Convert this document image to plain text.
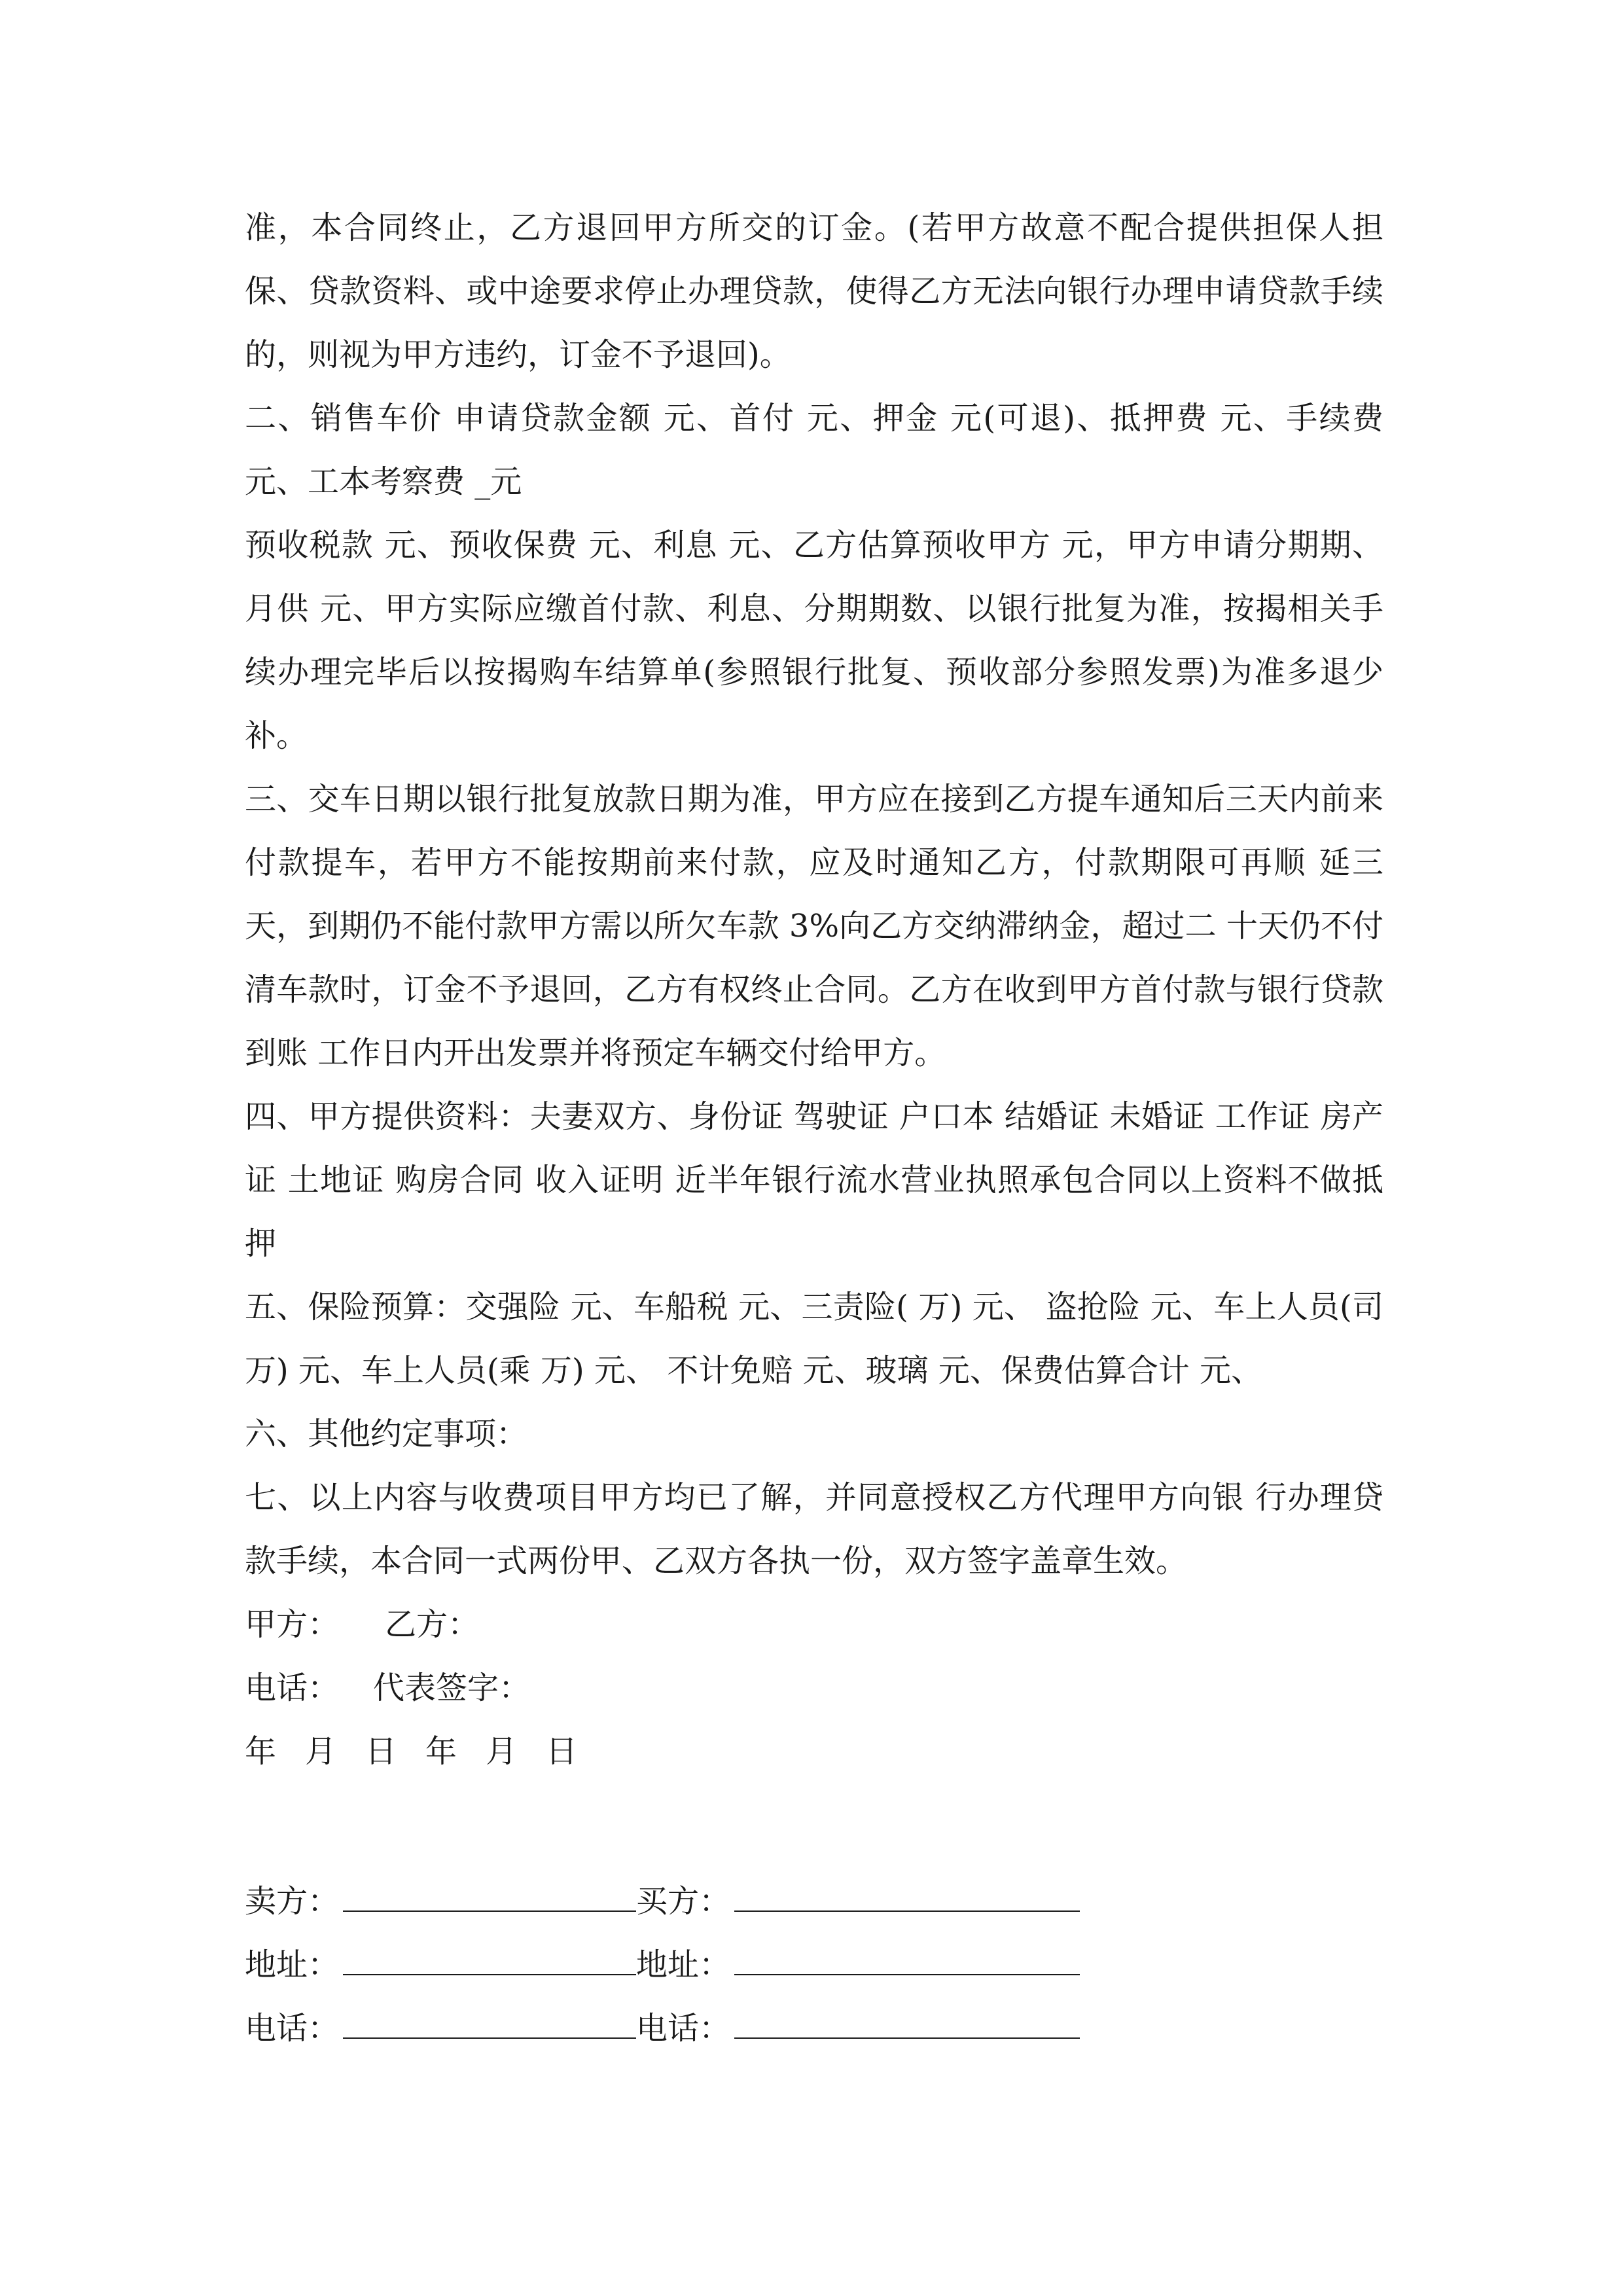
准，本合同终止，乙方退回甲方所交的订金。(若甲方故意不配合提供担保人担保、贷款资料、或中途要求停止办理贷款，使得乙方无法向银行办理申请贷款手续的，则视为甲方违约，订金不予退回)。

二、销售车价 申请贷款金额 元、首付 元、押金 元(可退)、抵押费 元、手续费 元、工本考察费 _元

预收税款 元、预收保费 元、利息 元、乙方估算预收甲方 元，甲方申请分期期、月供 元、甲方实际应缴首付款、利息、分期期数、以银行批复为准，按揭相关手续办理完毕后以按揭购车结算单(参照银行批复、预收部分参照发票)为准多退少补。

三、交车日期以银行批复放款日期为准，甲方应在接到乙方提车通知后三天内前来付款提车，若甲方不能按期前来付款，应及时通知乙方，付款期限可再顺 延三天，到期仍不能付款甲方需以所欠车款 3%向乙方交纳滞纳金，超过二 十天仍不付清车款时，订金不予退回，乙方有权终止合同。乙方在收到甲方首付款与银行贷款到账 工作日内开出发票并将预定车辆交付给甲方。

四、甲方提供资料：夫妻双方、身份证 驾驶证 户口本 结婚证 未婚证 工作证 房产证 土地证 购房合同 收入证明 近半年银行流水营业执照承包合同以上资料不做抵押

五、保险预算：交强险 元、车船税 元、三责险( 万) 元、 盗抢险 元、车上人员(司 万) 元、车上人员(乘 万) 元、 不计免赔 元、玻璃 元、保费估算合计 元、

六、其他约定事项：

七、以上内容与收费项目甲方均已了解，并同意授权乙方代理甲方向银 行办理贷款手续，本合同一式两份甲、乙双方各执一份，双方签字盖章生效。

甲方： 乙方：

电话： 代表签字：

年 月 日 年 月 日

卖方：	买方：
地址：	地址：
电话：	电话：
